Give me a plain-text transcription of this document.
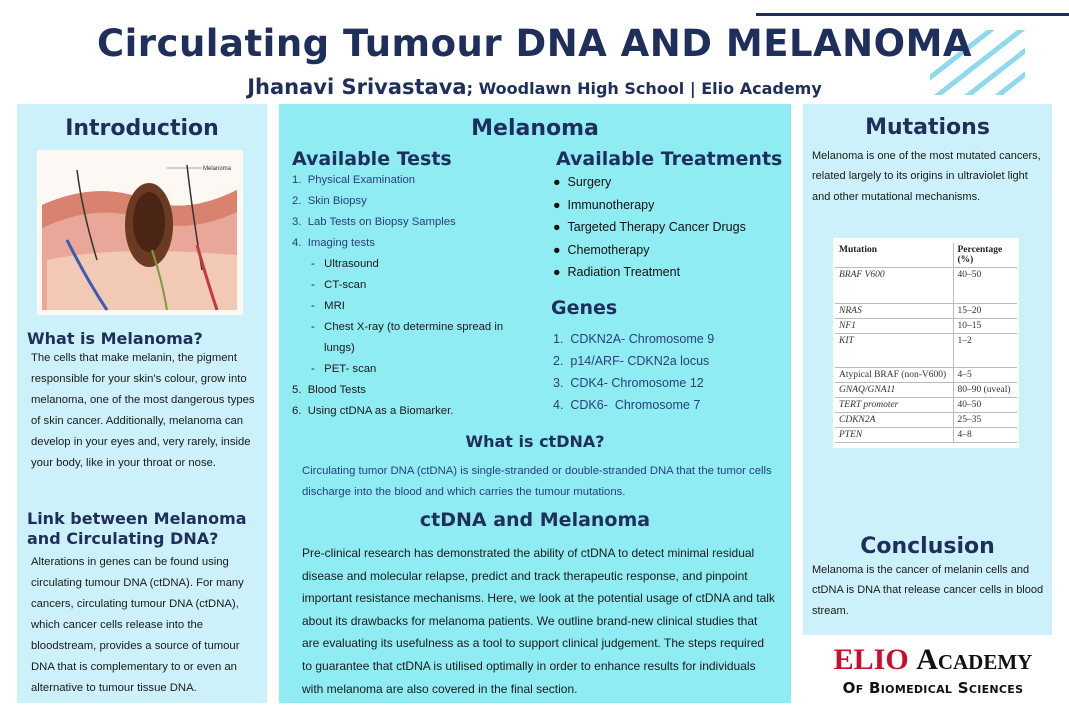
Circulating Tumour DNA AND MELANOMA
Jhanavi Srivastava; Woodlawn High School | Elio Academy
Introduction
Melanoma
What is Melanoma?

The cells that make melanin, the pigment responsible for your skin's colour, grow into melanoma, one of the most dangerous types of skin cancer. Additionally, melanoma can develop in your eyes and, very rarely, inside your body, like in your throat or nose.

Link between Melanoma and Circulating DNA?

Alterations in genes can be found using circulating tumour DNA (ctDNA). For many cancers, circulating tumour DNA (ctDNA), which cancer cells release into the bloodstream, provides a source of tumour DNA that is complementary to or even an alternative to tumour tissue DNA.

Melanoma
Available Tests
1.  Physical Examination
2.  Skin Biopsy
3.  Lab Tests on Biopsy Samples
4.  Imaging tests
-   Ultrasound
-   CT-scan
-   MRI
-   Chest X-ray (to determine spread in
lungs)
-   PET- scan
5.  Blood Tests
6.  Using ctDNA as a Biomarker.
Available Treatments
●  Surgery
●  Immunotherapy
●  Targeted Therapy Cancer Drugs
●  Chemotherapy
●  Radiation Treatment
Genes
1.  CDKN2A- Chromosome 9
2.  p14/ARF- CDKN2a locus
3.  CDK4- Chromosome 12
4.  CDK6-  Chromosome 7
What is ctDNA?

Circulating tumor DNA (ctDNA) is single-stranded or double-stranded DNA that the tumor cells discharge into the blood and which carries the tumour mutations.

ctDNA and Melanoma

Pre-clinical research has demonstrated the ability of ctDNA to detect minimal residual disease and molecular relapse, predict and track therapeutic response, and pinpoint important resistance mechanisms. Here, we look at the potential usage of ctDNA and talk about its drawbacks for melanoma patients. We outline brand-new clinical studies that are evaluating its usefulness as a tool to support clinical judgement. The steps required to guarantee that ctDNA is utilised optimally in order to enhance results for individuals with melanoma are also covered in the final section.

Mutations

Melanoma is one of the most mutated cancers, related largely to its origins in ultraviolet light and other mutational mechanisms.

Mutation	Percentage (%)
BRAF V600	40–50
NRAS	15–20
NF1	10–15
KIT	1–2
Atypical BRAF (non-V600)	4–5
GNAQ/GNA11	80–90 (uveal)
TERT promoter	40–50
CDKN2A	25–35
PTEN	4–8
Conclusion

Melanoma is the cancer of melanin cells and ctDNA is DNA that release cancer cells in blood stream.

ELIO Academy
Of Biomedical Sciences
